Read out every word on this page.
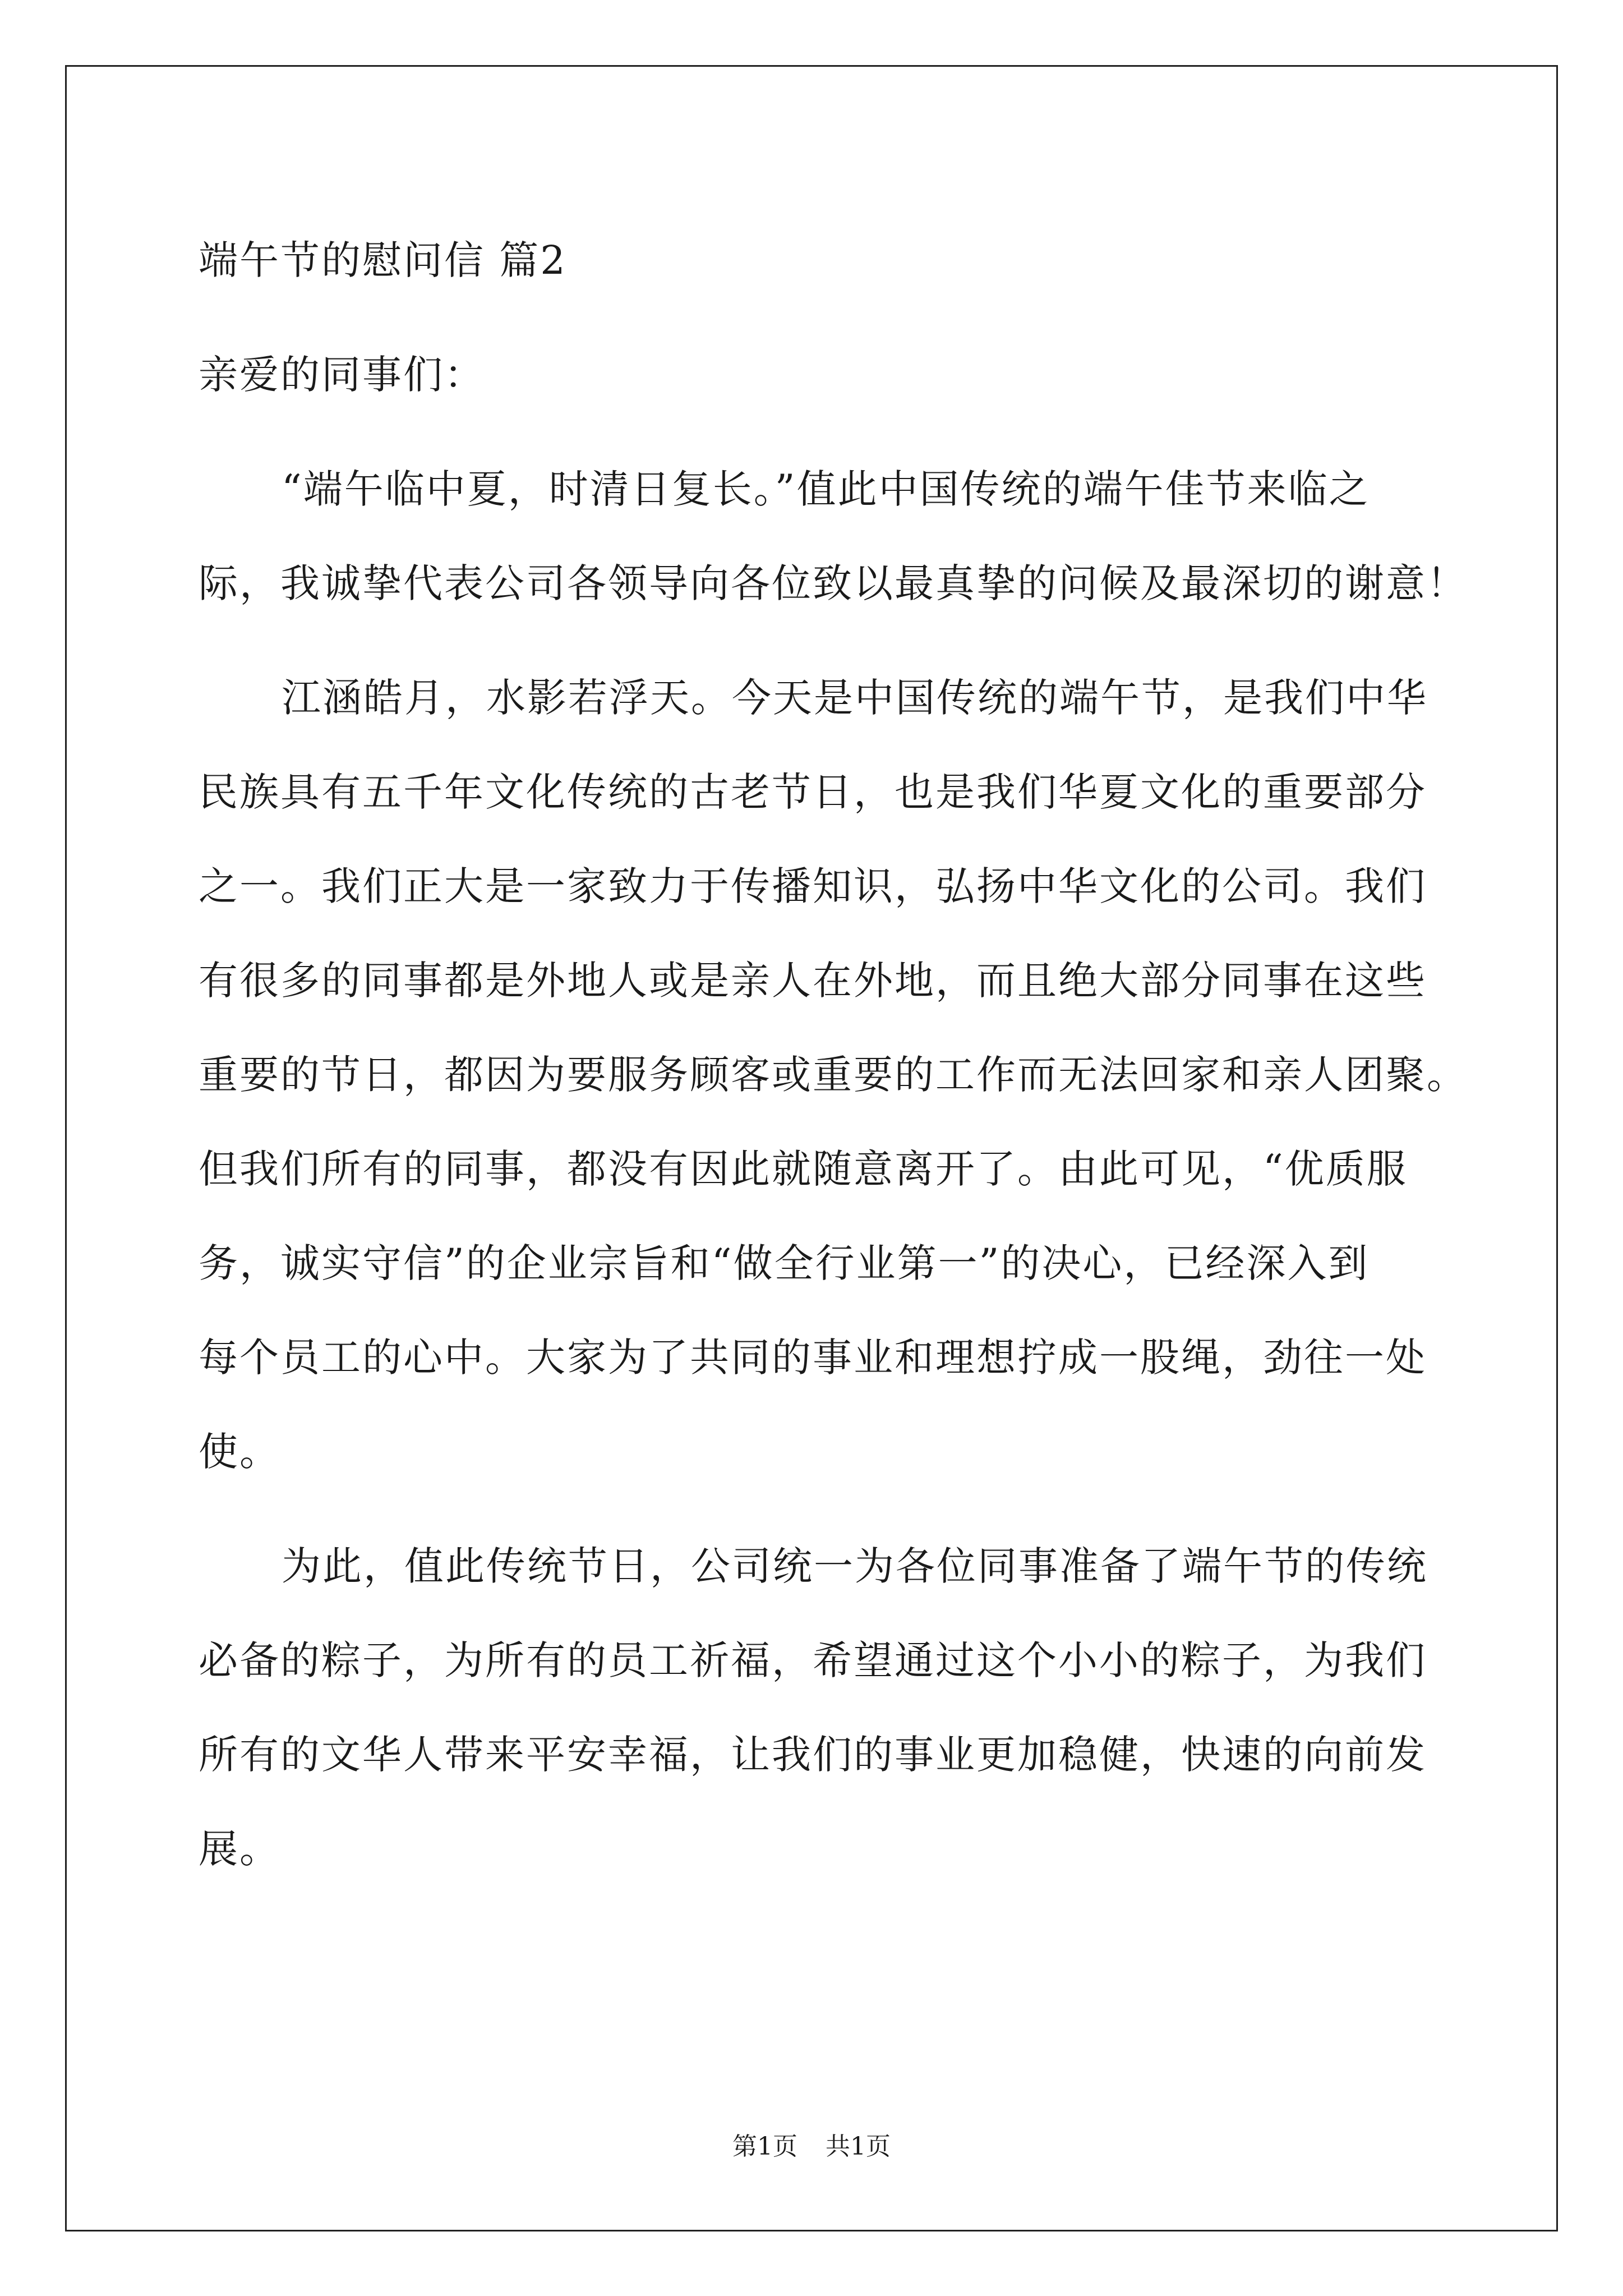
端午节的慰问信 篇2
亲爱的同事们：
“端午临中夏，时清日复长。”值此中国传统的端午佳节来临之
际，我诚挚代表公司各领导向各位致以最真挚的问候及最深切的谢意！
江涵皓月，水影若浮天。今天是中国传统的端午节，是我们中华
民族具有五千年文化传统的古老节日，也是我们华夏文化的重要部分
之一。我们正大是一家致力于传播知识，弘扬中华文化的公司。我们
有很多的同事都是外地人或是亲人在外地，而且绝大部分同事在这些
重要的节日，都因为要服务顾客或重要的工作而无法回家和亲人团聚。
但我们所有的同事，都没有因此就随意离开了。由此可见，“优质服
务，诚实守信”的企业宗旨和“做全行业第一”的决心，已经深入到
每个员工的心中。大家为了共同的事业和理想拧成一股绳，劲往一处
使。
为此，值此传统节日，公司统一为各位同事准备了端午节的传统
必备的粽子，为所有的员工祈福，希望通过这个小小的粽子，为我们
所有的文华人带来平安幸福，让我们的事业更加稳健，快速的向前发
展。
第1页 共1页
